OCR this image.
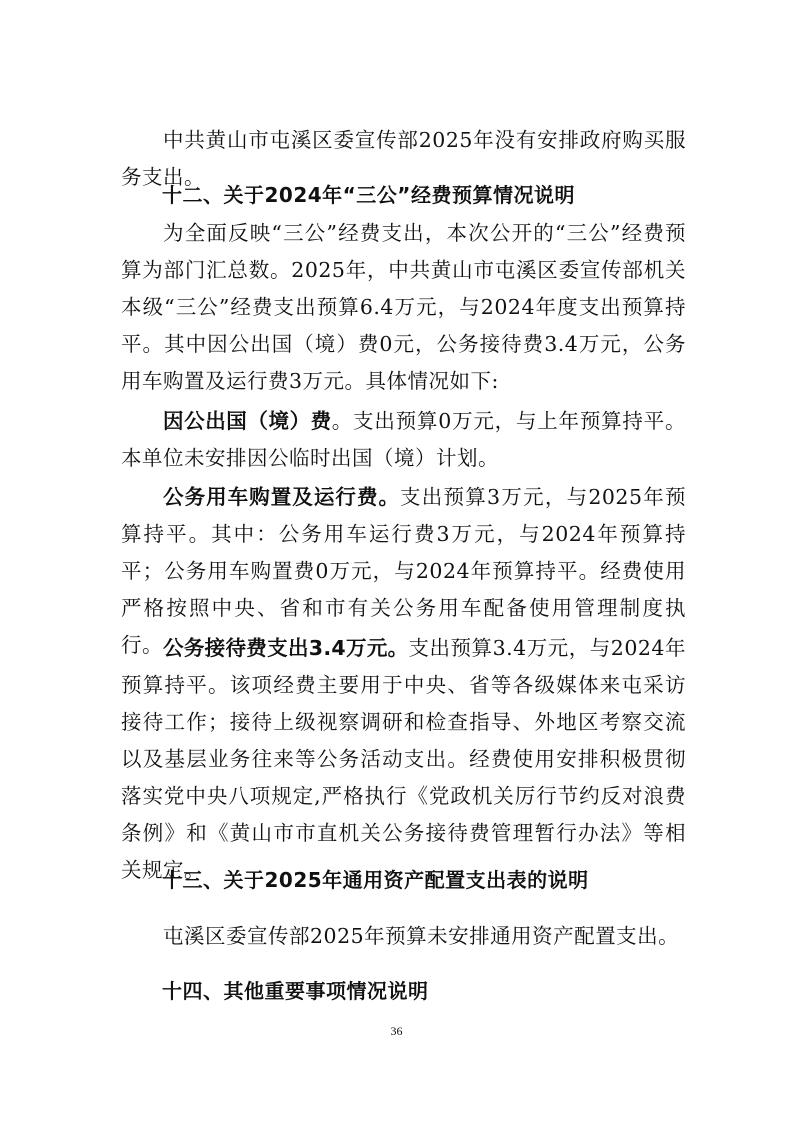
中共黄山市屯溪区委宣传部2025年没有安排政府购买服务支出。

十二、关于2024年“三公”经费预算情况说明

为全面反映“三公”经费支出，本次公开的“三公”经费预算为部门汇总数。2025年，中共黄山市屯溪区委宣传部机关本级“三公”经费支出预算6.4万元，与2024年度支出预算持平。其中因公出国（境）费0元，公务接待费3.4万元，公务用车购置及运行费3万元。具体情况如下:

因公出国（境）费。支出预算0万元，与上年预算持平。本单位未安排因公临时出国（境）计划。

公务用车购置及运行费。支出预算3万元，与2025年预算持平。其中：公务用车运行费3万元，与2024年预算持平；公务用车购置费0万元，与2024年预算持平。经费使用严格按照中央、省和市有关公务用车配备使用管理制度执行。 公务接待费支出3.4万元。支出预算3.4万元，与2024年预算持平。该项经费主要用于中央、省等各级媒体来屯采访接待工作；接待上级视察调研和检查指导、外地区考察交流以及基层业务往来等公务活动支出。经费使用安排积极贯彻落实党中央八项规定,严格执行《党政机关厉行节约反对浪费条例》和《黄山市市直机关公务接待费管理暂行办法》等相关规定。

十三、关于2025年通用资产配置支出表的说明

屯溪区委宣传部2025年预算未安排通用资产配置支出。

十四、其他重要事项情况说明

36
